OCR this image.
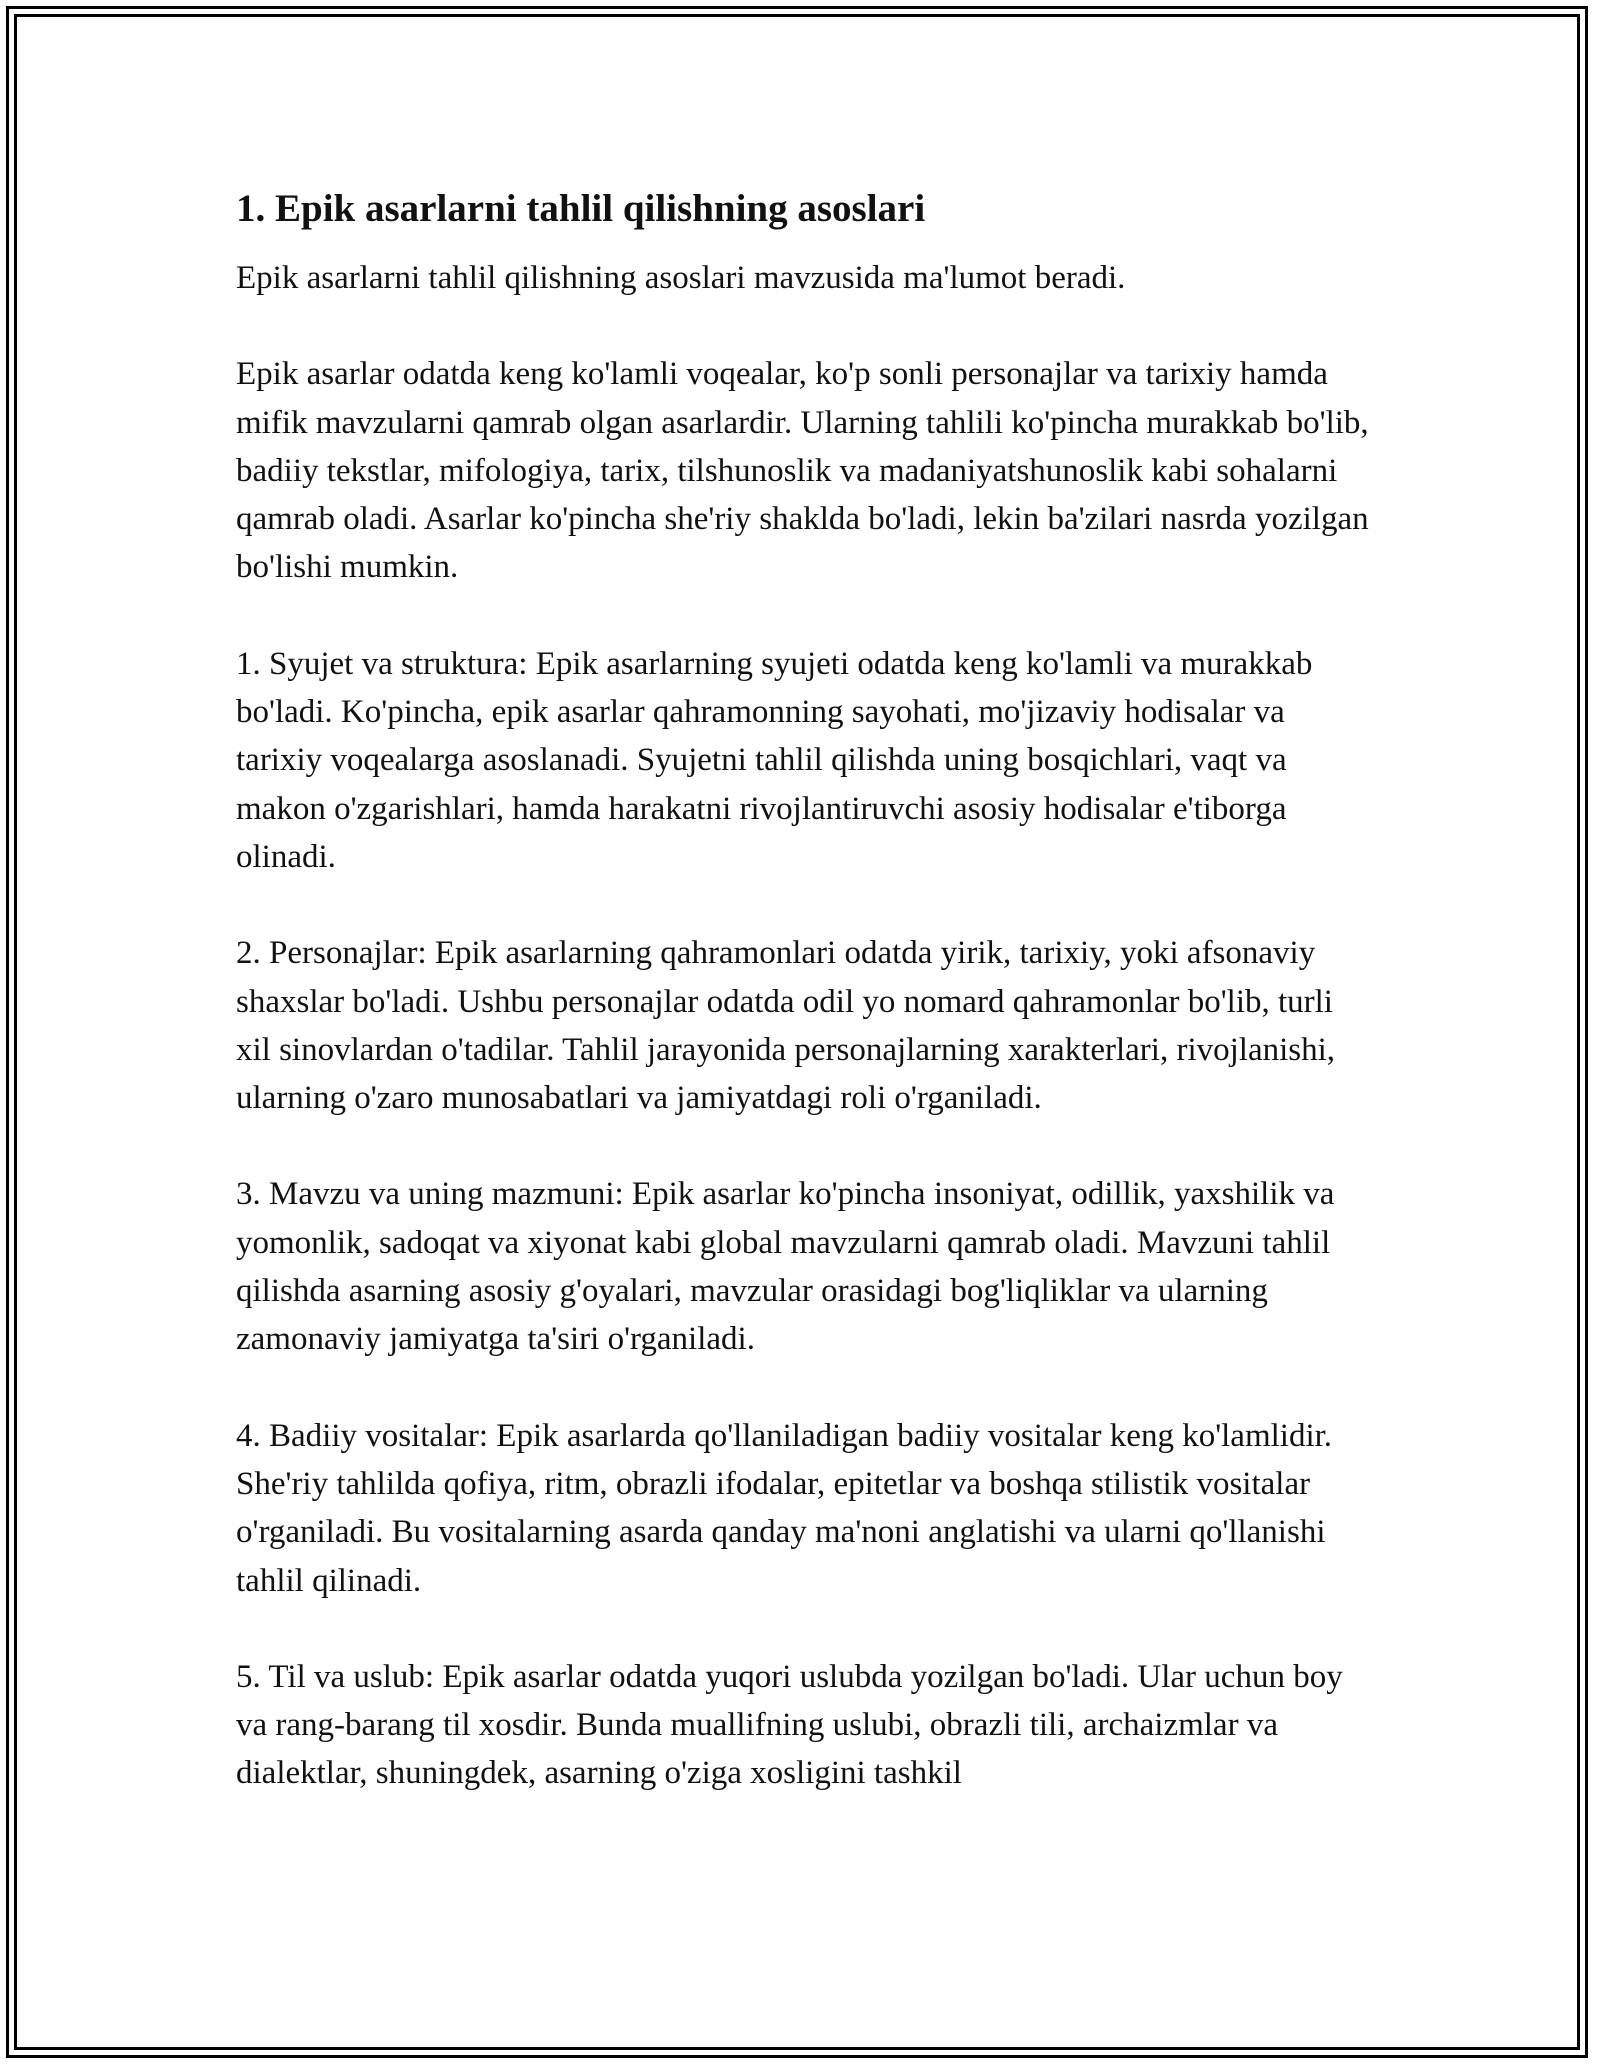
1. Epik asarlarni tahlil qilishning asoslari

Epik asarlarni tahlil qilishning asoslari mavzusida ma'lumot beradi.

Epik asarlar odatda keng ko'lamli voqealar, ko'p sonli personajlar va tarixiy hamda mifik mavzularni qamrab olgan asarlardir. Ularning tahlili ko'pincha murakkab bo'lib, badiiy tekstlar, mifologiya, tarix, tilshunoslik va madaniyatshunoslik kabi sohalarni qamrab oladi. Asarlar ko'pincha she'riy shaklda bo'ladi, lekin ba'zilari nasrda yozilgan bo'lishi mumkin.

1. Syujet va struktura: Epik asarlarning syujeti odatda keng ko'lamli va murakkab bo'ladi. Ko'pincha, epik asarlar qahramonning sayohati, mo'jizaviy hodisalar va tarixiy voqealarga asoslanadi. Syujetni tahlil qilishda uning bosqichlari, vaqt va makon o'zgarishlari, hamda harakatni rivojlantiruvchi asosiy hodisalar e'tiborga olinadi.

2. Personajlar: Epik asarlarning qahramonlari odatda yirik, tarixiy, yoki afsonaviy shaxslar bo'ladi. Ushbu personajlar odatda odil yo nomard qahramonlar bo'lib, turli xil sinovlardan o'tadilar. Tahlil jarayonida personajlarning xarakterlari, rivojlanishi, ularning o'zaro munosabatlari va jamiyatdagi roli o'rganiladi.

3. Mavzu va uning mazmuni: Epik asarlar ko'pincha insoniyat, odillik, yaxshilik va yomonlik, sadoqat va xiyonat kabi global mavzularni qamrab oladi. Mavzuni tahlil qilishda asarning asosiy g'oyalari, mavzular orasidagi bog'liqliklar va ularning zamonaviy jamiyatga ta'siri o'rganiladi.

4. Badiiy vositalar: Epik asarlarda qo'llaniladigan badiiy vositalar keng ko'lamlidir. She'riy tahlilda qofiya, ritm, obrazli ifodalar, epitetlar va boshqa stilistik vositalar o'rganiladi. Bu vositalarning asarda qanday ma'noni anglatishi va ularni qo'llanishi tahlil qilinadi.

5. Til va uslub: Epik asarlar odatda yuqori uslubda yozilgan bo'ladi. Ular uchun boy va rang-barang til xosdir. Bunda muallifning uslubi, obrazli tili, archaizmlar va dialektlar, shuningdek, asarning o'ziga xosligini tashkil
